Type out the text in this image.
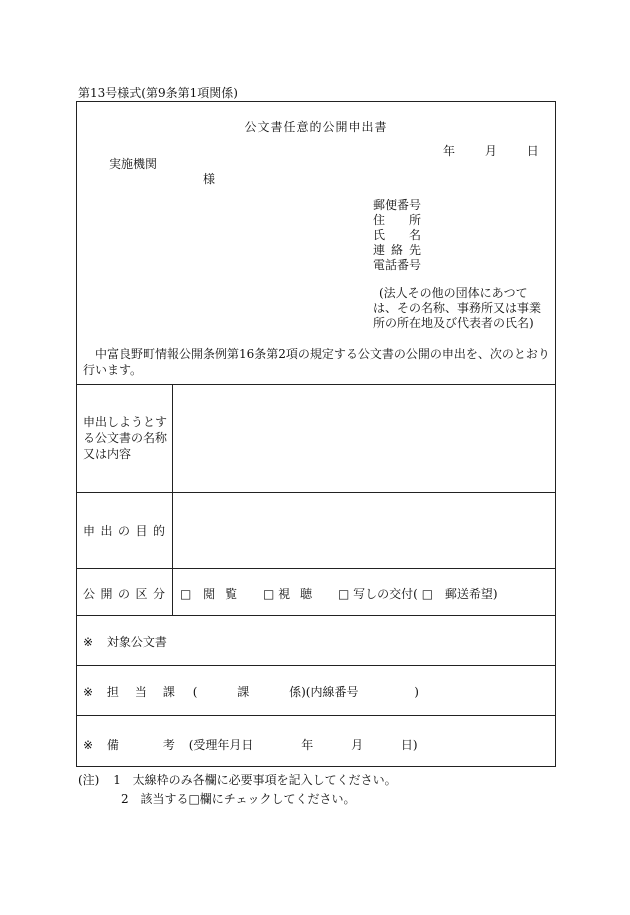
第13号様式(第9条第1項関係)
公文書任意的公開申出書
年 月 日
実施機関
様
郵便番号
住所
氏名
連絡先
電話番号
(法人その他の団体にあつて
は、その名称、事務所又は事業
所の所在地及び代表者の氏名)
中富良野町情報公開条例第16条第2項の規定する公文書の公開の申出を、次のとおり行います。
申出しようとする公文書の名称又は内容
申出の目的
公開の区分 □ 閲覧 □ 視聴 □ 写しの交付( □ 郵送希望)
※ 対象公文書
※ 担当課 (	課	係)(内線番号	)
※ 備考 (受理年月日	年	月	日)
(注) 1 太線枠のみ各欄に必要事項を記入してください。
2 該当する□欄にチェックしてください。
